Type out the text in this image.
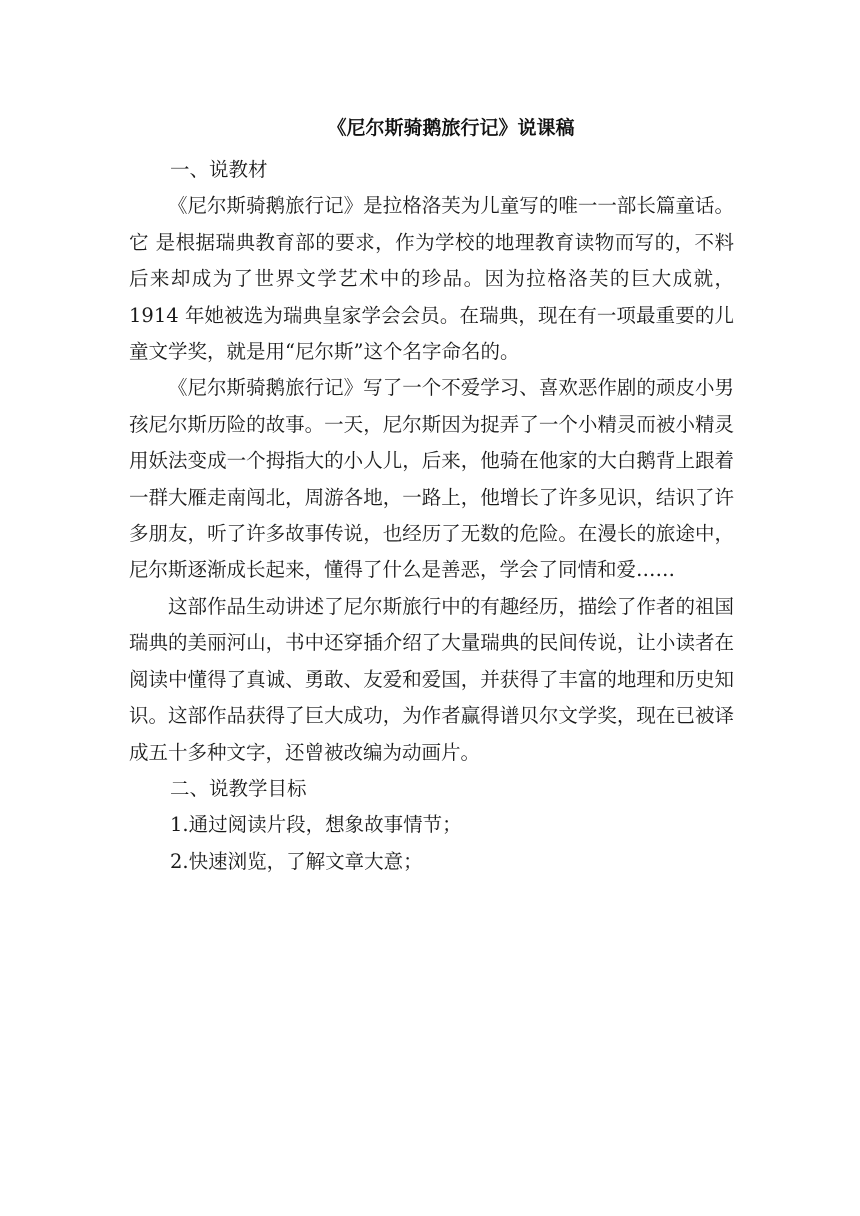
《尼尔斯骑鹅旅行记》说课稿

一、说教材

《尼尔斯骑鹅旅行记》是拉格洛芙为儿童写的唯一一部长篇童话。它 是根据瑞典教育部的要求，作为学校的地理教育读物而写的，不料后来却成为了世界文学艺术中的珍品。因为拉格洛芙的巨大成就，1914 年她被选为瑞典皇家学会会员。在瑞典，现在有一项最重要的儿童文学奖，就是用“尼尔斯”这个名字命名的。

《尼尔斯骑鹅旅行记》写了一个不爱学习、喜欢恶作剧的顽皮小男孩尼尔斯历险的故事。一天，尼尔斯因为捉弄了一个小精灵而被小精灵用妖法变成一个拇指大的小人儿，后来，他骑在他家的大白鹅背上跟着一群大雁走南闯北，周游各地，一路上，他增长了许多见识，结识了许多朋友，听了许多故事传说，也经历了无数的危险。在漫长的旅途中，尼尔斯逐渐成长起来，懂得了什么是善恶，学会了同情和爱……

这部作品生动讲述了尼尔斯旅行中的有趣经历，描绘了作者的祖国瑞典的美丽河山，书中还穿插介绍了大量瑞典的民间传说，让小读者在阅读中懂得了真诚、勇敢、友爱和爱国，并获得了丰富的地理和历史知识。这部作品获得了巨大成功，为作者赢得谱贝尔文学奖，现在已被译成五十多种文字，还曾被改编为动画片。

二、说教学目标

1.通过阅读片段，想象故事情节；

2.快速浏览，了解文章大意；
